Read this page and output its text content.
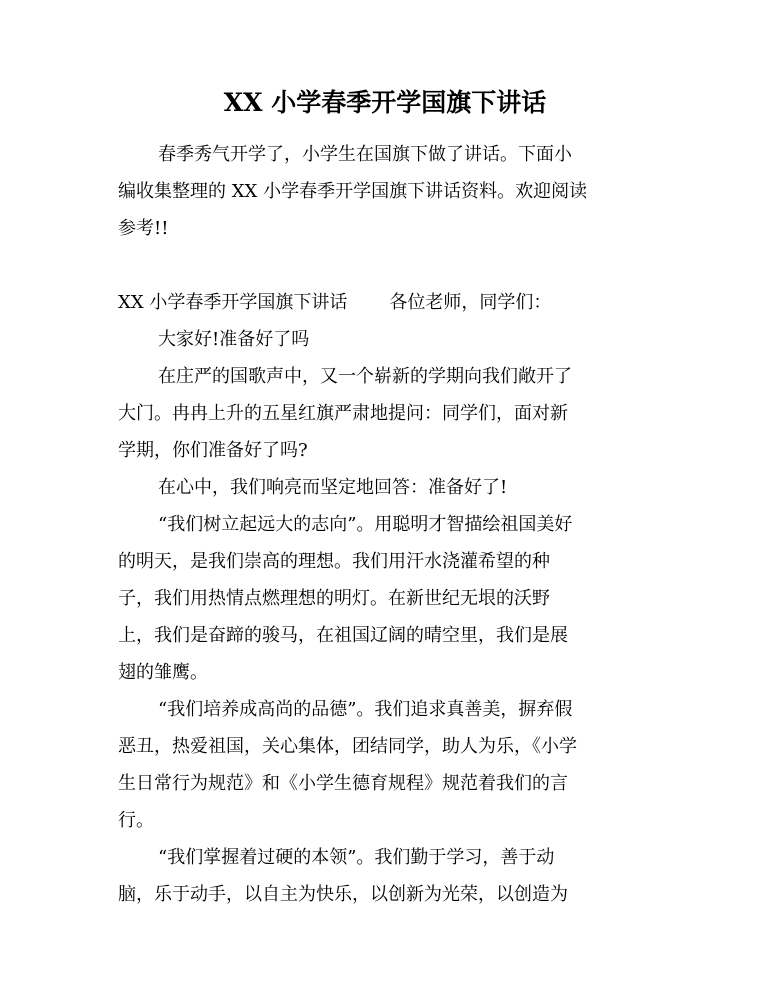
XX 小学春季开学国旗下讲话
春季秀气开学了，小学生在国旗下做了讲话。下面小
编收集整理的 XX 小学春季开学国旗下讲话资料。欢迎阅读
参考!!
XX 小学春季开学国旗下讲话 各位老师，同学们：
大家好!准备好了吗
在庄严的国歌声中，又一个崭新的学期向我们敞开了
大门。冉冉上升的五星红旗严肃地提问：同学们，面对新
学期，你们准备好了吗?
在心中，我们响亮而坚定地回答：准备好了!
“我们树立起远大的志向”。用聪明才智描绘祖国美好
的明天，是我们崇高的理想。我们用汗水浇灌希望的种
子，我们用热情点燃理想的明灯。在新世纪无垠的沃野
上，我们是奋蹄的骏马，在祖国辽阔的晴空里，我们是展
翅的雏鹰。
“我们培养成高尚的品德”。我们追求真善美，摒弃假
恶丑，热爱祖国，关心集体，团结同学，助人为乐，《小学
生日常行为规范》和《小学生德育规程》规范着我们的言
行。
“我们掌握着过硬的本领”。我们勤于学习，善于动
脑，乐于动手，以自主为快乐，以创新为光荣，以创造为
